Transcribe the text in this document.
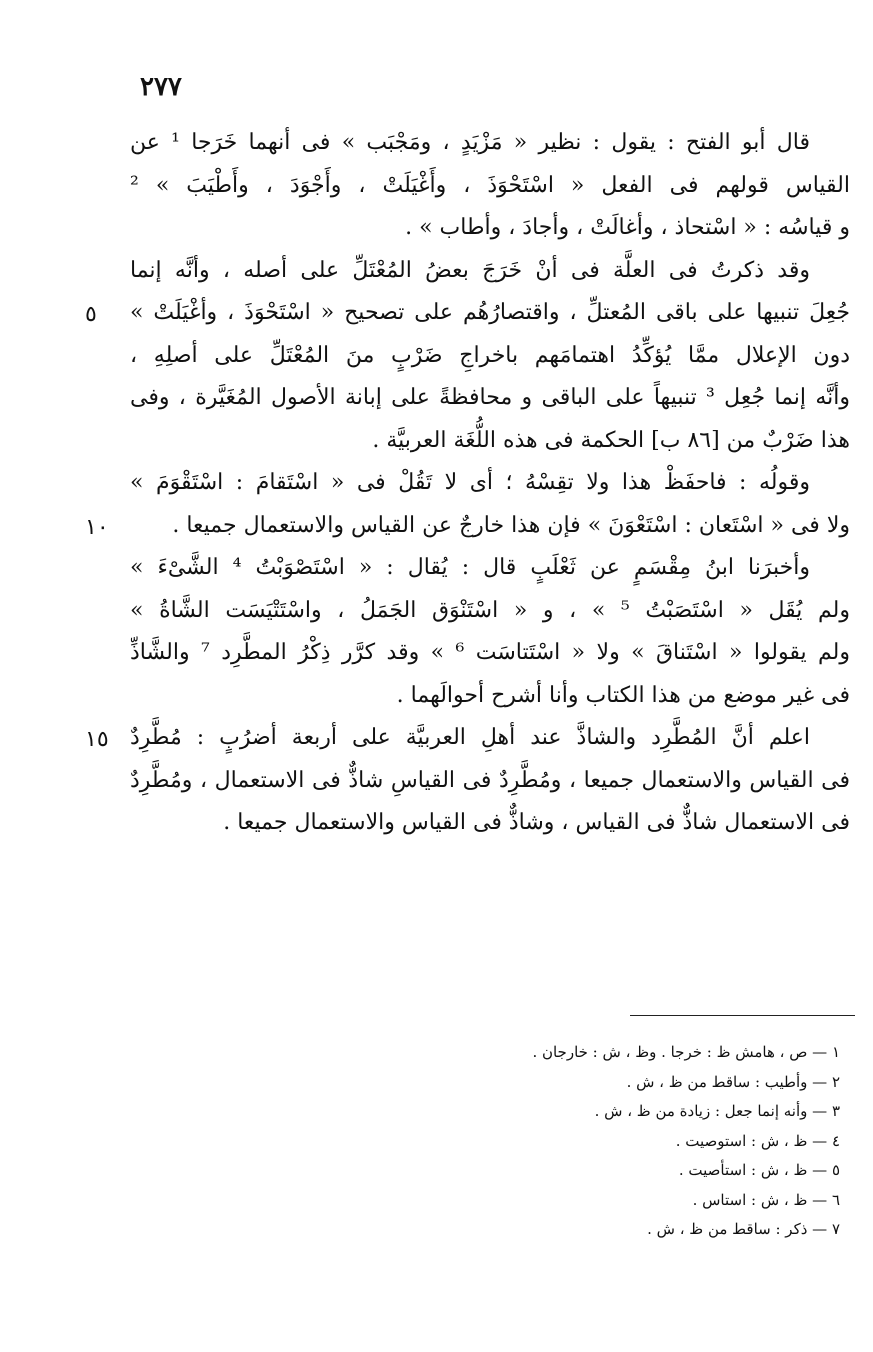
٢٧٧
قال أبو الفتح : يقول : نظير « مَزْيَدٍ ، ومَجْبَب » فى أنهما خَرَجا ¹ عن
القياس قولهم فى الفعل « اسْتَحْوَذَ ، وأَغْيَلَتْ ، وأَجْوَدَ ، وأَطْيَبَ » ²
و قياسُه : « اسْتحاذ ، وأغالَتْ ، وأجادَ ، وأطاب » .
وقد ذكرتُ فى العلَّة فى أنْ خَرَجَ بعضُ المُعْتَلِّ على أصله ، وأنَّه إنما
جُعِلَ تنبيها على باقى المُعتلِّ ، واقتصارُهُم على تصحيح « اسْتَحْوَذَ ، وأغْيَلَتْ »
دون الإعلال ممَّا يُؤكِّدُ اهتمامَهم باخراجِ ضَرْبٍ منَ المُعْتَلِّ على أصلِهِ ،
وأنَّه إنما جُعِل ³ تنبيهاً على الباقى و محافظةً على إبانة الأصول المُغَيَّرة ، وفى
هذا ضَرْبٌ من [٨٦ ب] الحكمة فى هذه اللُّغَة العربيَّة .
وقولُه : فاحفَظْ هذا ولا تقِسْهُ ؛ أى لا تَقُلْ فى « اسْتَقامَ : اسْتَقْوَمَ »
ولا فى « اسْتَعان : اسْتَعْوَنَ » فإن هذا خارجٌ عن القياس والاستعمال جميعا .
وأخبرَنا ابنُ مِقْسَمٍ عن ثَعْلَبٍ قال : يُقال : « اسْتَصْوَبْتُ ⁴ الشَّىْءَ »
ولم يُقَل « اسْتَصَبْتُ ⁵ » ، و « اسْتَنْوَق الجَمَلُ ، واسْتَتْيَسَت الشَّاةُ »
ولم يقولوا « اسْتَناقَ » ولا « اسْتَتاسَت ⁶ » وقد كرَّر ذِكْرُ المطَّرِد ⁷ والشَّاذِّ
فى غير موضع من هذا الكتاب وأنا أشرح أحوالَهما .
اعلم أنَّ المُطَّرِد والشاذَّ عند أهلِ العربيَّة على أربعة أضرُبٍ : مُطَّرِدٌ
فى القياس والاستعمال جميعا ، ومُطَّرِدٌ فى القياسِ شاذٌّ فى الاستعمال ، ومُطَّرِدٌ
فى الاستعمال شاذٌّ فى القياس ، وشاذٌّ فى القياس والاستعمال جميعا .
١ — ص ، هامش ظ : خرجا . وظ ، ش : خارجان .
٢ — وأطيب : ساقط من ظ ، ش .
٣ — وأنه إنما جعل : زيادة من ظ ، ش .
٤ — ظ ، ش : استوصيت .
٥ — ظ ، ش : استأصيت .
٦ — ظ ، ش : استاس .
٧ — ذكر : ساقط من ظ ، ش .
٥
١٠
١٥
